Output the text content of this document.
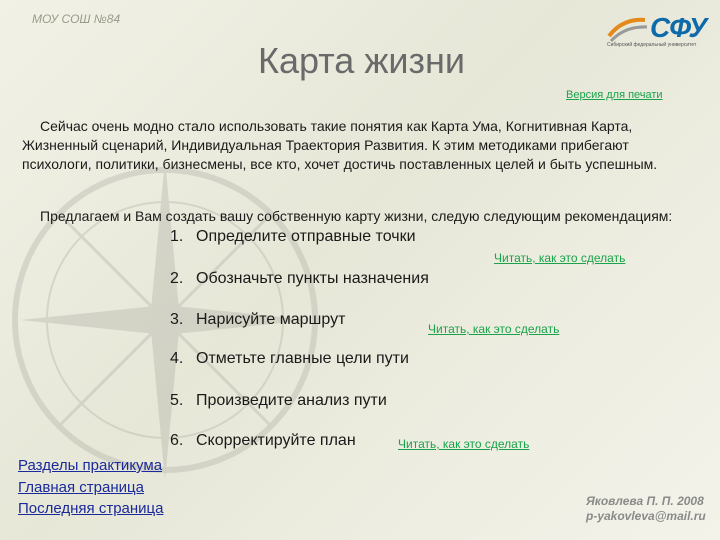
МОУ СОШ №84	СФУ
Сибирский федеральный университет
Карта жизни
Версия для печати
Сейчас очень модно стало использовать такие понятия как Карта Ума, Когнитивная Карта, Жизненный сценарий, Индивидуальная Траектория Развития. К этим методиками прибегают психологи, политики, бизнесмены, все кто, хочет достичь поставленных целей и быть успешным.
Предлагаем и Вам создать вашу собственную карту жизни, следую следующим рекомендациям:
1. Определите отправные точки
2. Обозначьте пункты назначения
3. Нарисуйте маршрут
4. Отметьте главные цели пути
5. Произведите анализ пути
6. Скорректируйте план
Читать, как это сделать
Читать, как это сделать
Читать, как это сделать
Разделы практикума
Главная страница
Последняя страница	Яковлева П. П. 2008
p-yakovleva@mail.ru
